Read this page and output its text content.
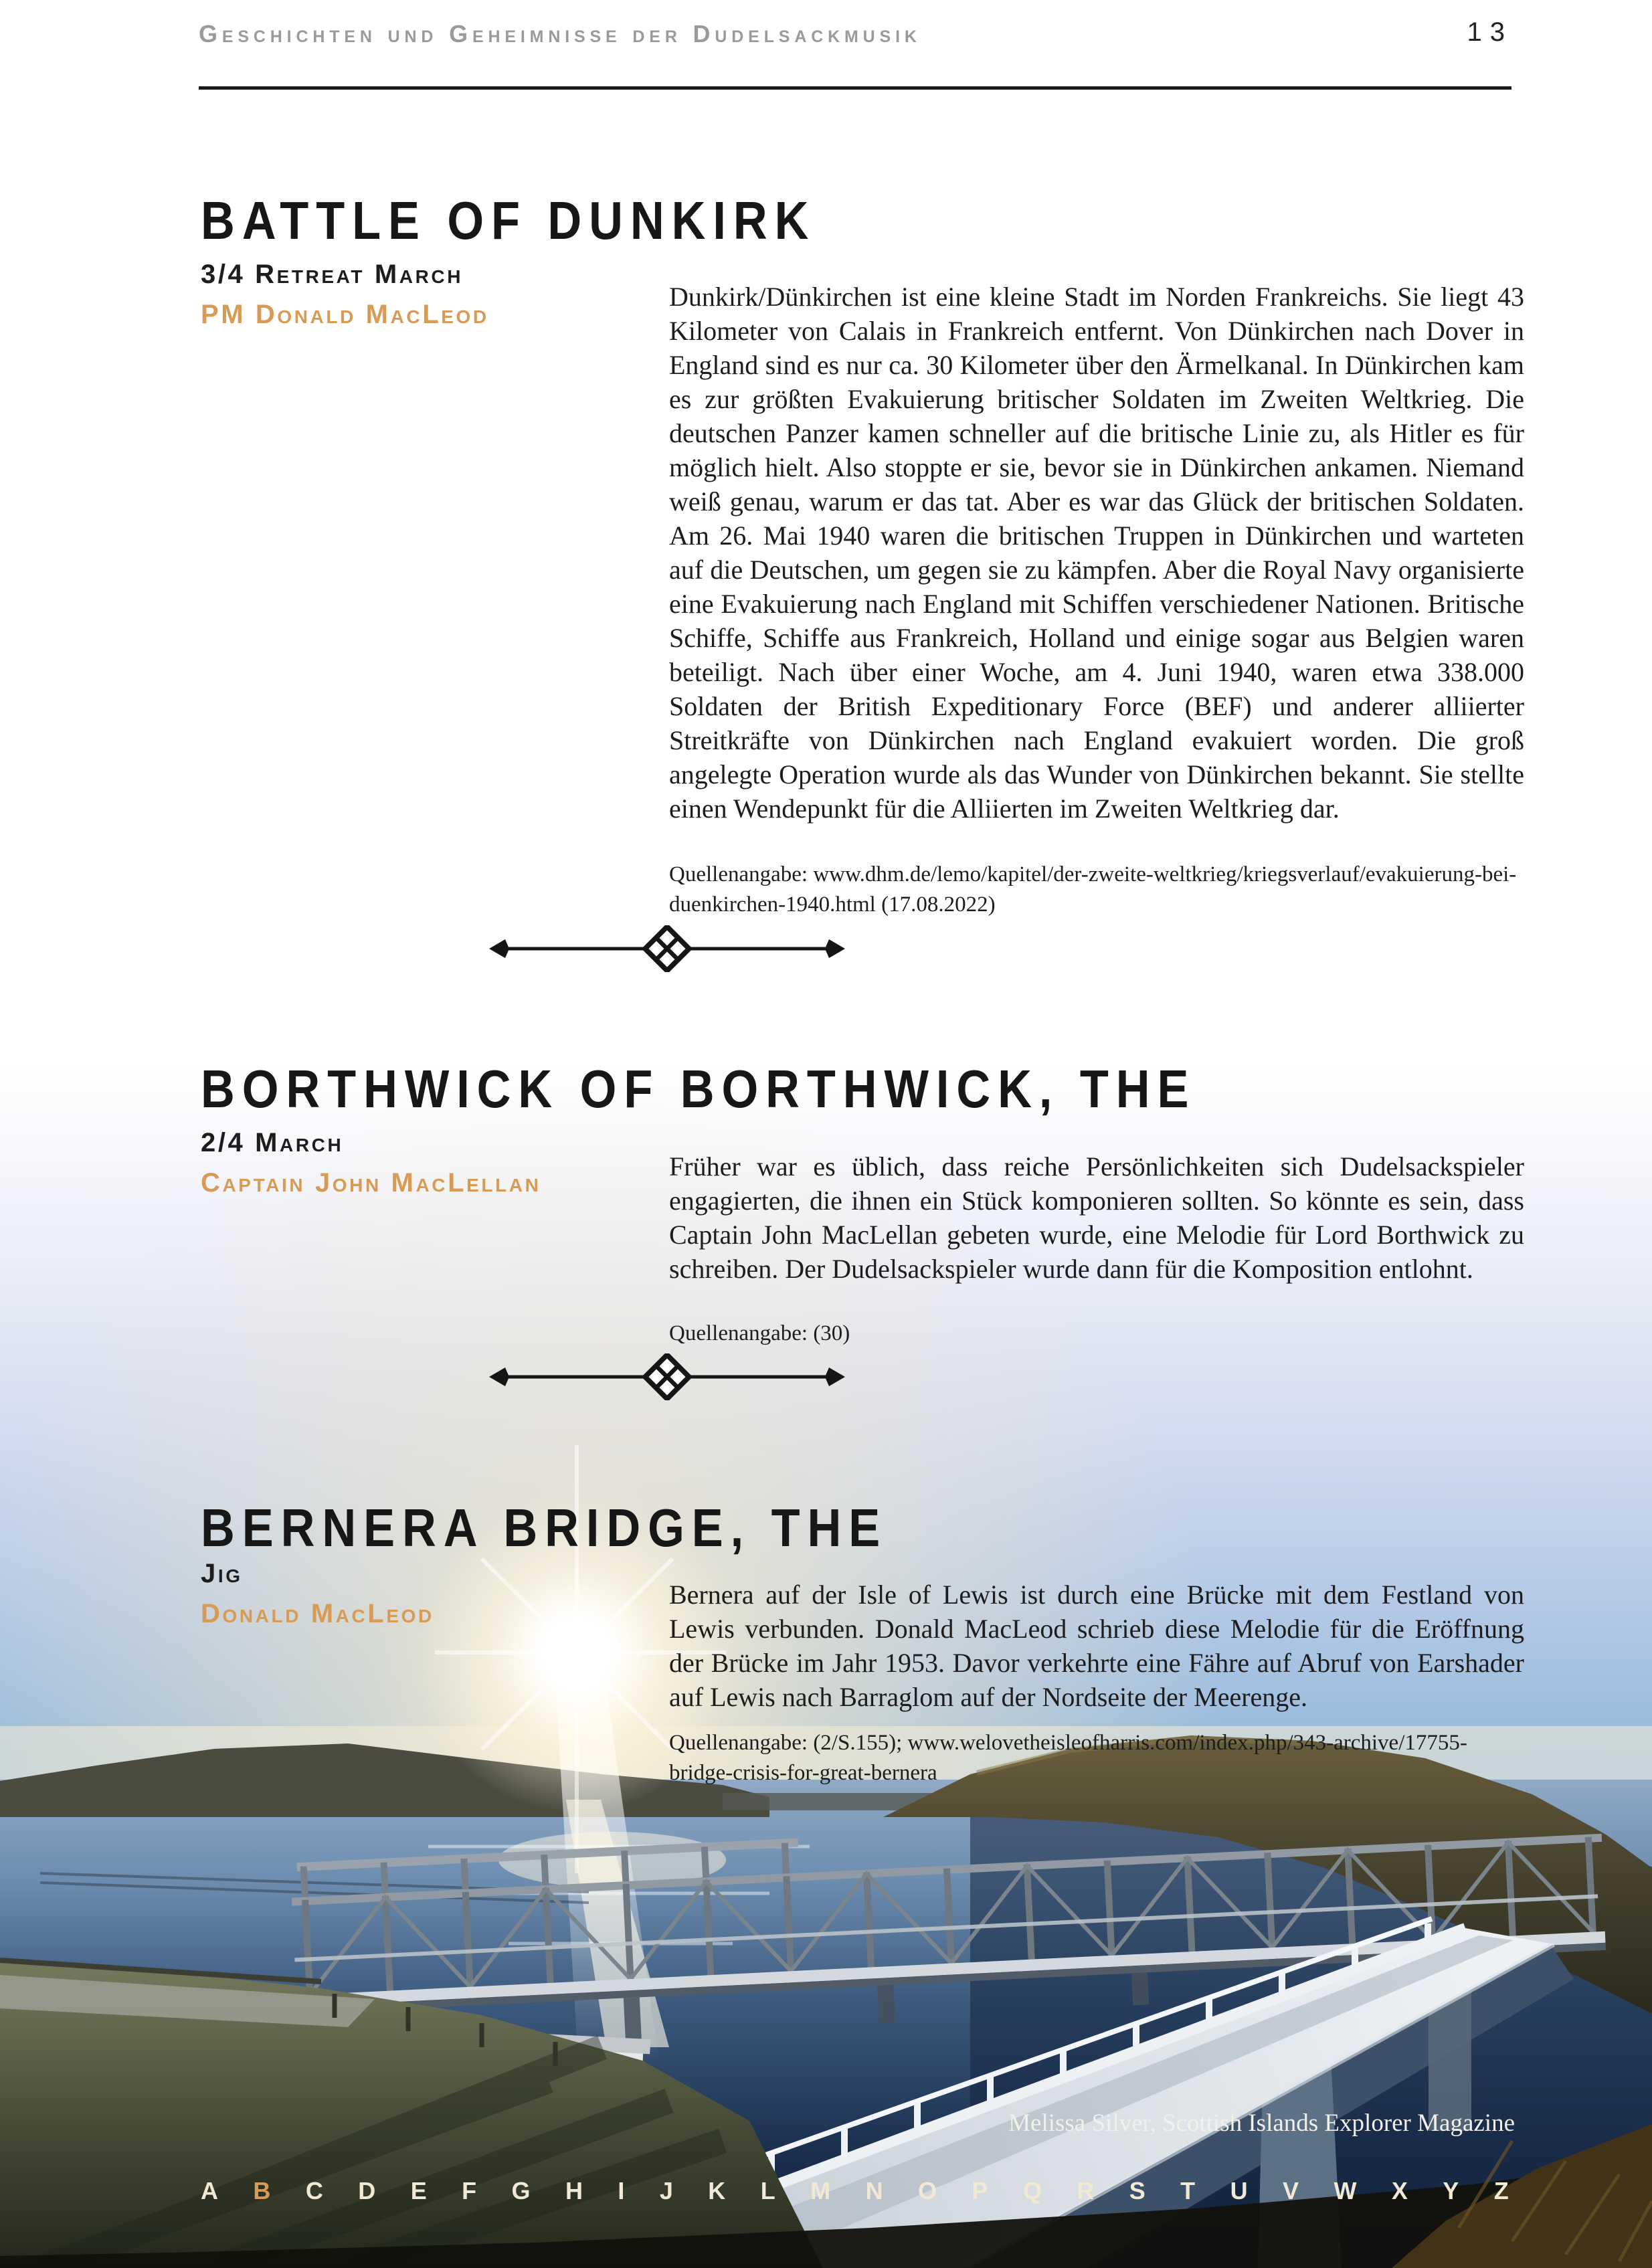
Geschichten und Geheimnisse der Dudelsackmusik	13
BATTLE OF DUNKIRK
3/4 Retreat March
PM Donald MacLeod

Dunkirk/Dünkirchen ist eine kleine Stadt im Norden Frankreichs. Sie liegt 43 Kilometer von Calais in Frankreich entfernt. Von Dünkirchen nach Dover in England sind es nur ca. 30 Kilometer über den Ärmelkanal. In Dünkirchen kam es zur größten Evakuierung britischer Soldaten im Zweiten Weltkrieg. Die deutschen Panzer kamen schneller auf die britische Linie zu, als Hitler es für möglich hielt. Also stoppte er sie, bevor sie in Dünkirchen ankamen. Niemand weiß genau, warum er das tat. Aber es war das Glück der britischen Soldaten. Am 26. Mai 1940 waren die britischen Truppen in Dünkirchen und warteten auf die Deutschen, um gegen sie zu kämpfen. Aber die Royal Navy organisierte eine Evakuierung nach England mit Schiffen verschiedener Nationen. Britische Schiffe, Schiffe aus Frankreich, Holland und einige sogar aus Belgien waren beteiligt. Nach über einer Woche, am 4. Juni 1940, waren etwa 338.000 Soldaten der British Expeditionary Force (BEF) und anderer alliierter Streitkräfte von Dünkirchen nach England evakuiert worden. Die groß angelegte Operation wurde als das Wunder von Dünkirchen bekannt. Sie stellte einen Wendepunkt für die Alliierten im Zweiten Weltkrieg dar.

Quellenangabe: www.dhm.de/lemo/kapitel/der-zweite-weltkrieg/kriegsverlauf/evakuierung-bei-duenkirchen-1940.html (17.08.2022)

BORTHWICK OF BORTHWICK, THE
2/4 March
Captain John MacLellan

Früher war es üblich, dass reiche Persönlichkeiten sich Dudelsackspieler engagierten, die ihnen ein Stück komponieren sollten. So könnte es sein, dass Captain John MacLellan gebeten wurde, eine Melodie für Lord Borthwick zu schreiben. Der Dudelsackspieler wurde dann für die Komposition entlohnt.

Quellenangabe: (30)

BERNERA BRIDGE, THE
Jig
Donald MacLeod

Bernera auf der Isle of Lewis ist durch eine Brücke mit dem Festland von Lewis verbunden. Donald MacLeod schrieb diese Melodie für die Eröffnung der Brücke im Jahr 1953. Davor verkehrte eine Fähre auf Abruf von Earshader auf Lewis nach Barraglom auf der Nordseite der Meerenge.

Quellenangabe: (2/S.155); www.welovetheisleofharris.com/index.php/343-archive/17755-bridge-crisis-for-great-bernera

Melissa Silver, Scottish Islands Explorer Magazine
A B C D E F G H I J K L M N O P Q R S T U V W X Y Z
